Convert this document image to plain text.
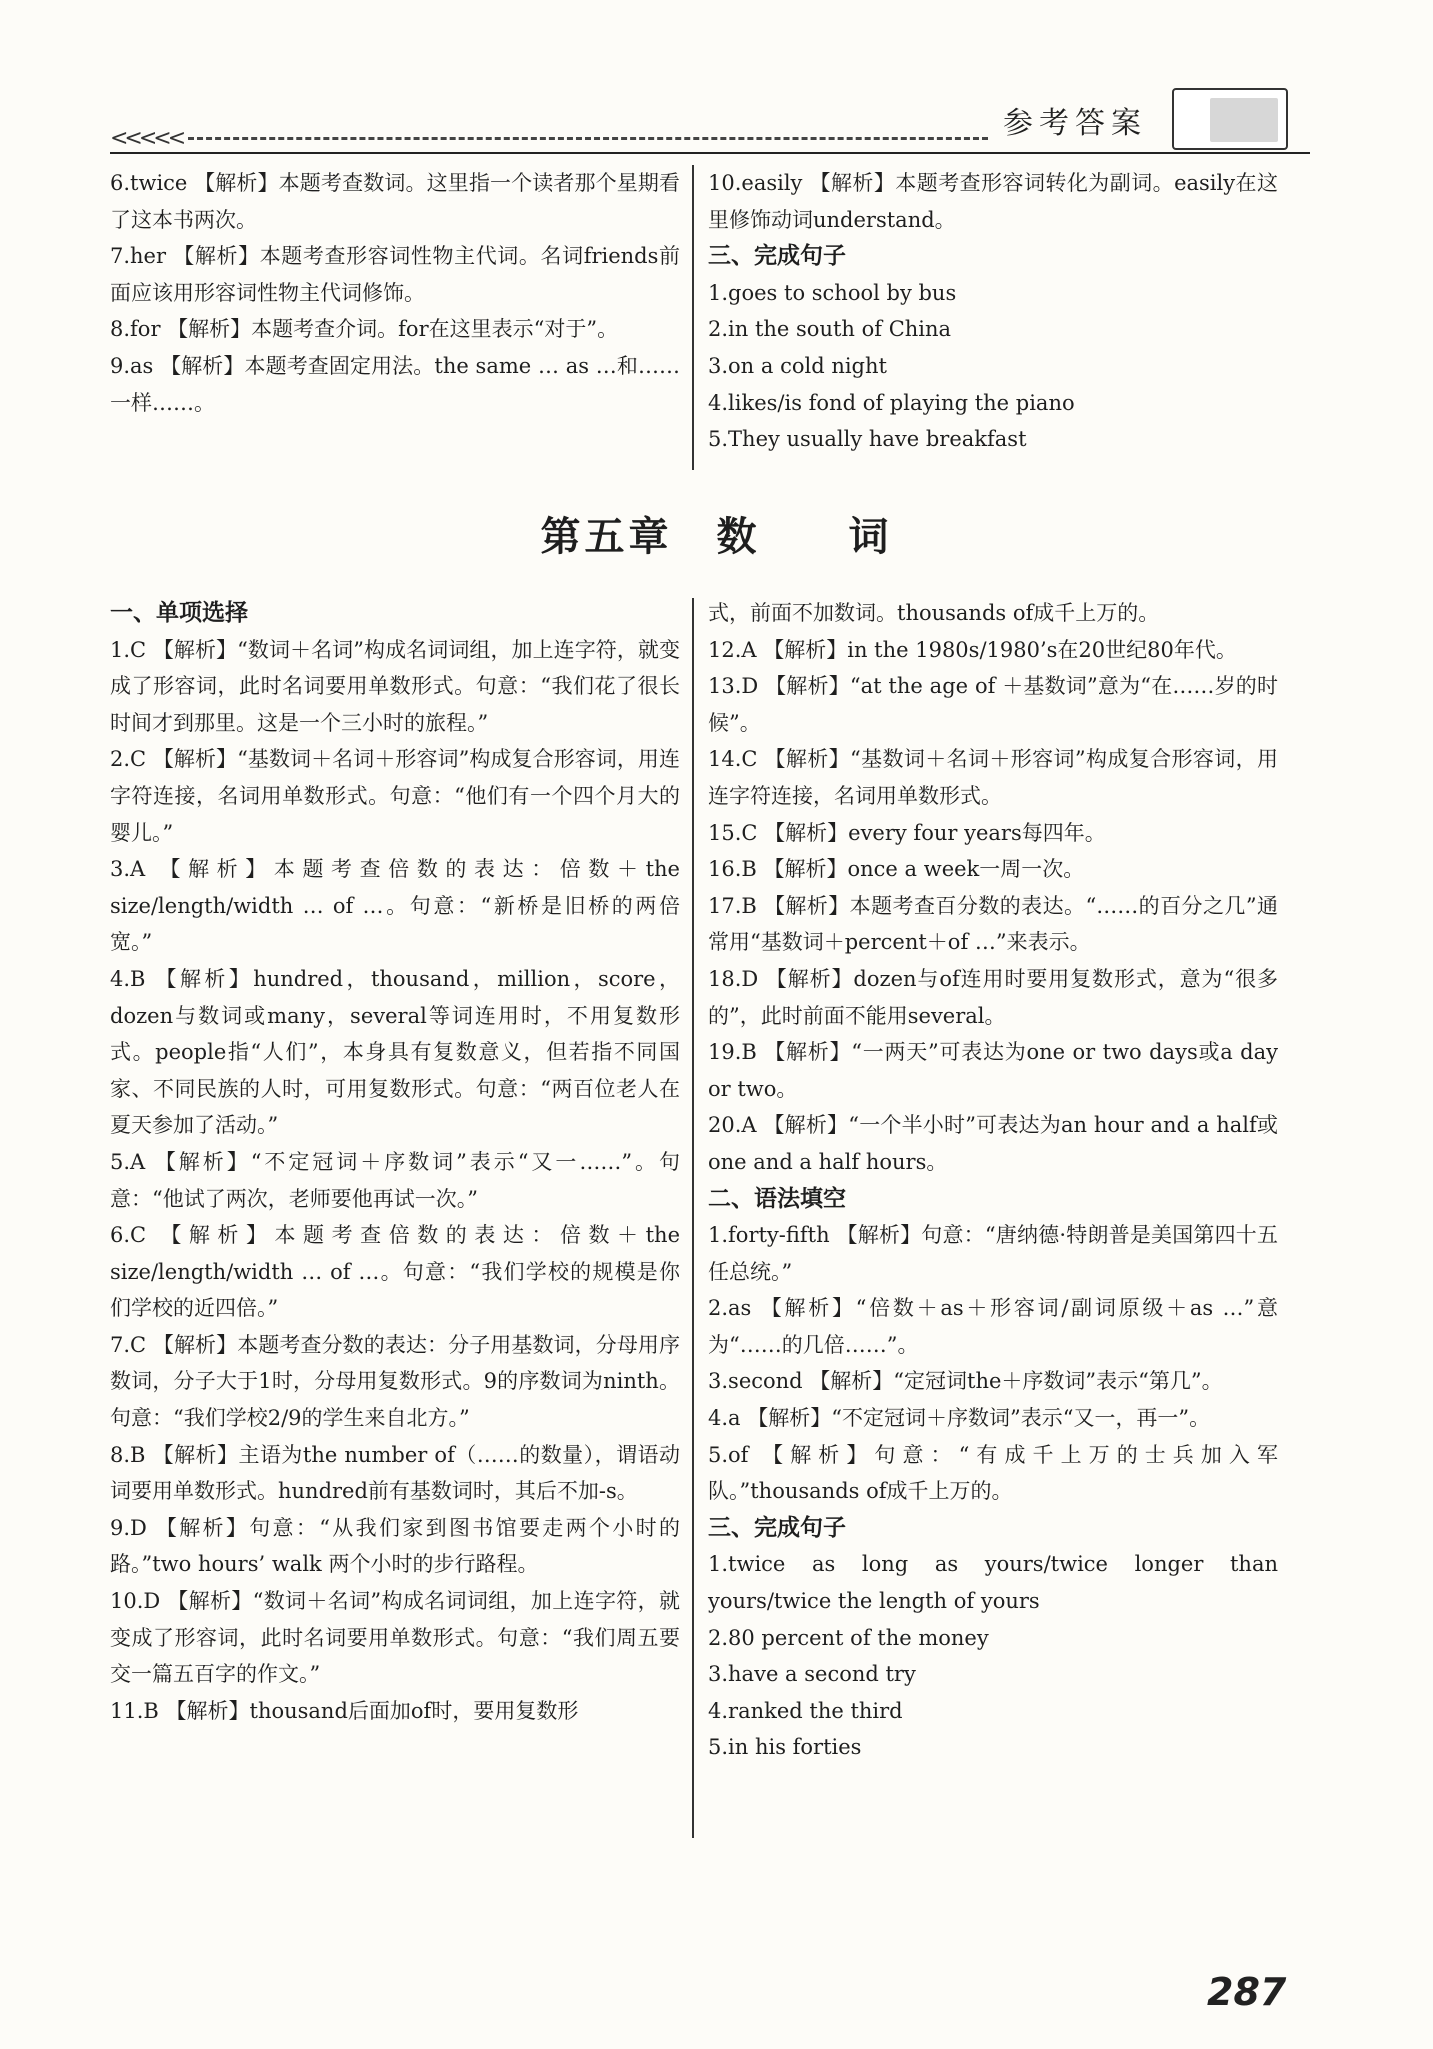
<<<<<	参考答案

6.twice 【解析】本题考查数词。这里指一个读者那个星期看了这本书两次。

7.her 【解析】本题考查形容词性物主代词。名词friends前面应该用形容词性物主代词修饰。

8.for 【解析】本题考查介词。for在这里表示“对于”。

9.as 【解析】本题考查固定用法。the same … as …和……一样……。

10.easily 【解析】本题考查形容词转化为副词。easily在这里修饰动词understand。

三、完成句子

1.goes to school by bus

2.in the south of China

3.on a cold night

4.likes/is fond of playing the piano

5.They usually have breakfast

第五章　数　　词

一、单项选择

1.C 【解析】“数词＋名词”构成名词词组，加上连字符，就变成了形容词，此时名词要用单数形式。句意：“我们花了很长时间才到那里。这是一个三小时的旅程。”

2.C 【解析】“基数词＋名词＋形容词”构成复合形容词，用连字符连接，名词用单数形式。句意：“他们有一个四个月大的婴儿。”

3.A 【解析】本题考查倍数的表达：倍数＋the size/length/width … of …。句意：“新桥是旧桥的两倍宽。”

4.B 【解析】hundred，thousand，million，score，dozen与数词或many，several等词连用时，不用复数形式。people指“人们”，本身具有复数意义，但若指不同国家、不同民族的人时，可用复数形式。句意：“两百位老人在夏天参加了活动。”

5.A 【解析】“不定冠词＋序数词”表示“又一……”。句意：“他试了两次，老师要他再试一次。”

6.C 【解析】本题考查倍数的表达：倍数＋the size/length/width … of …。句意：“我们学校的规模是你们学校的近四倍。”

7.C 【解析】本题考查分数的表达：分子用基数词，分母用序数词，分子大于1时，分母用复数形式。9的序数词为ninth。句意：“我们学校2/9的学生来自北方。”

8.B 【解析】主语为the number of（……的数量），谓语动词要用单数形式。hundred前有基数词时，其后不加-s。

9.D 【解析】句意：“从我们家到图书馆要走两个小时的路。”two hours’ walk 两个小时的步行路程。

10.D 【解析】“数词＋名词”构成名词词组，加上连字符，就变成了形容词，此时名词要用单数形式。句意：“我们周五要交一篇五百字的作文。”

11.B 【解析】thousand后面加of时，要用复数形

式，前面不加数词。thousands of成千上万的。

12.A 【解析】in the 1980s/1980’s在20世纪80年代。

13.D 【解析】“at the age of ＋基数词”意为“在……岁的时候”。

14.C 【解析】“基数词＋名词＋形容词”构成复合形容词，用连字符连接，名词用单数形式。

15.C 【解析】every four years每四年。

16.B 【解析】once a week一周一次。

17.B 【解析】本题考查百分数的表达。“……的百分之几”通常用“基数词＋percent＋of …”来表示。

18.D 【解析】dozen与of连用时要用复数形式，意为“很多的”，此时前面不能用several。

19.B 【解析】“一两天”可表达为one or two days或a day or two。

20.A 【解析】“一个半小时”可表达为an hour and a half或one and a half hours。

二、语法填空

1.forty-fifth 【解析】句意：“唐纳德·特朗普是美国第四十五任总统。”

2.as 【解析】“倍数＋as＋形容词/副词原级＋as …”意为“……的几倍……”。

3.second 【解析】“定冠词the＋序数词”表示“第几”。

4.a 【解析】“不定冠词＋序数词”表示“又一，再一”。

5.of 【解析】句意：“有成千上万的士兵加入军队。”thousands of成千上万的。

三、完成句子

1.twice as long as yours/twice longer than yours/twice the length of yours

2.80 percent of the money

3.have a second try

4.ranked the third

5.in his forties

287
